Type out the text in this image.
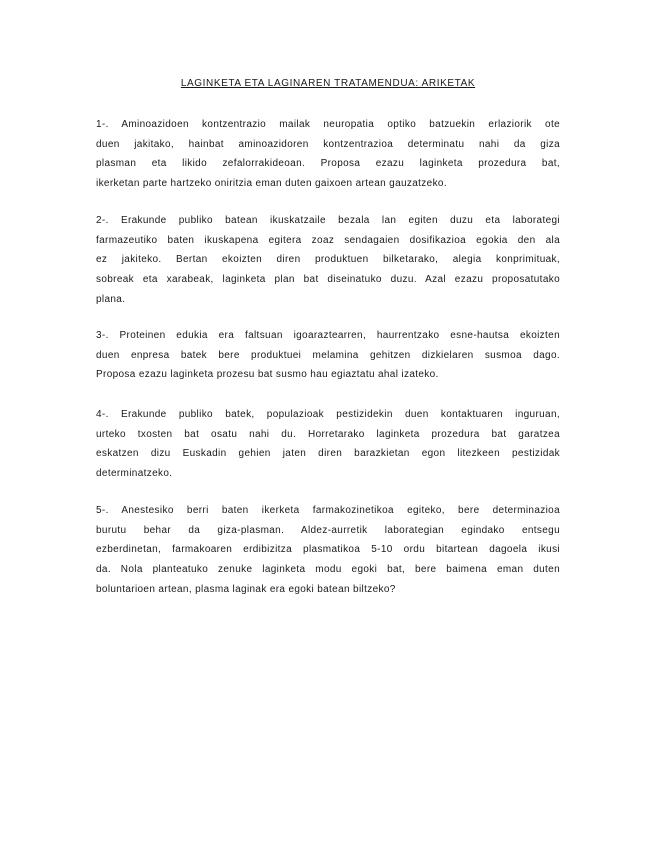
LAGINKETA ETA LAGINAREN TRATAMENDUA: ARIKETAK
1-. Aminoazidoen kontzentrazio mailak neuropatia optiko batzuekin erlaziorik ote
duen jakitako, hainbat aminoazidoren kontzentrazioa determinatu nahi da giza
plasman eta likido zefalorrakideoan. Proposa ezazu laginketa prozedura bat,
ikerketan parte hartzeko oniritzia eman duten gaixoen artean gauzatzeko.
2-. Erakunde publiko batean ikuskatzaile bezala lan egiten duzu eta laborategi
farmazeutiko baten ikuskapena egitera zoaz sendagaien dosifikazioa egokia den ala
ez jakiteko. Bertan ekoizten diren produktuen bilketarako, alegia konprimituak,
sobreak eta xarabeak, laginketa plan bat diseinatuko duzu. Azal ezazu proposatutako
plana.
3-. Proteinen edukia era faltsuan igoaraztearren, haurrentzako esne-hautsa ekoizten
duen enpresa batek bere produktuei melamina gehitzen dizkielaren susmoa dago.
Proposa ezazu laginketa prozesu bat susmo hau egiaztatu ahal izateko.
4-. Erakunde publiko batek, populazioak pestizidekin duen kontaktuaren inguruan,
urteko txosten bat osatu nahi du. Horretarako laginketa prozedura bat garatzea
eskatzen dizu Euskadin gehien jaten diren barazkietan egon litezkeen pestizidak
determinatzeko.
5-. Anestesiko berri baten ikerketa farmakozinetikoa egiteko, bere determinazioa
burutu behar da giza-plasman. Aldez-aurretik laborategian egindako entsegu
ezberdinetan, farmakoaren erdibizitza plasmatikoa 5-10 ordu bitartean dagoela ikusi
da. Nola planteatuko zenuke laginketa modu egoki bat, bere baimena eman duten
boluntarioen artean, plasma laginak era egoki batean biltzeko?
